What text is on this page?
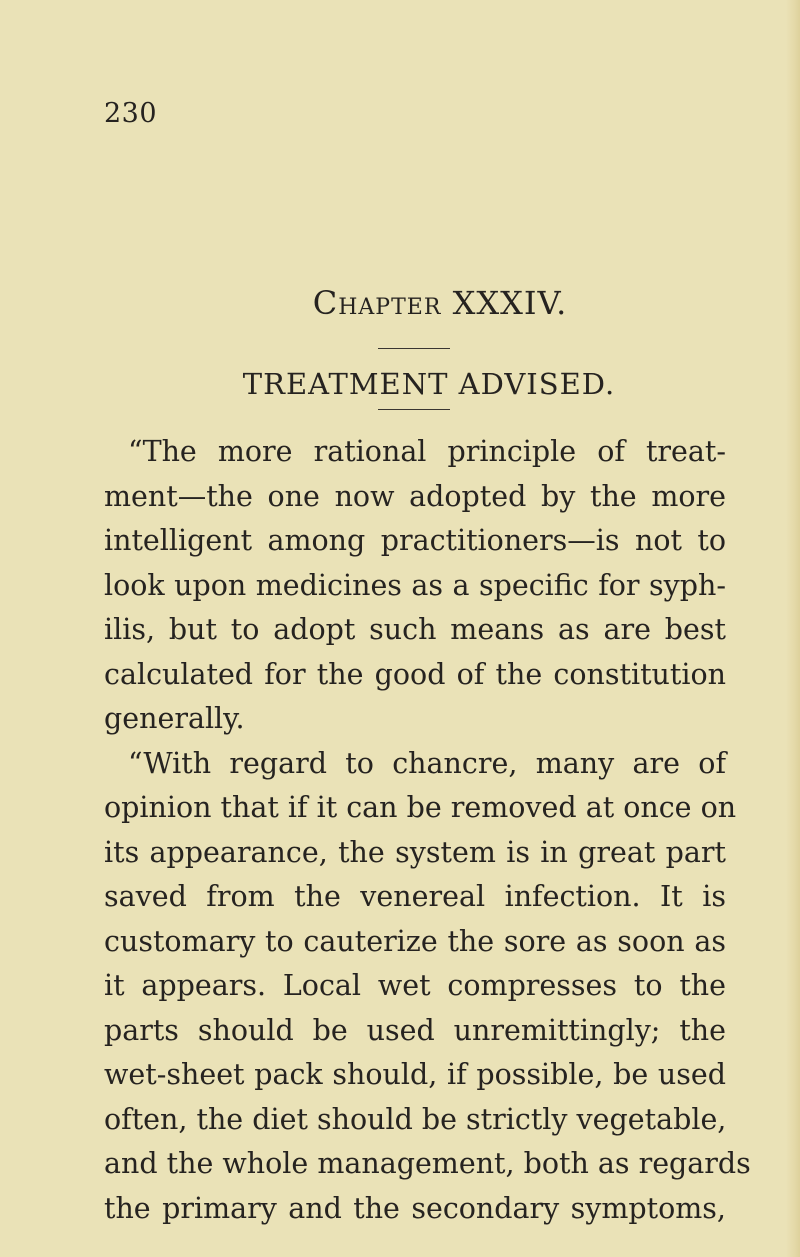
230
Chapter XXXIV.
TREATMENT ADVISED.
“The more rational principle of treat-
ment—the one now adopted by the more
intelligent among practitioners—is not to
look upon medicines as a specific for syph-
ilis, but to adopt such means as are best
calculated for the good of the constitution
generally.
“With regard to chancre, many are of
opinion that if it can be removed at once on
its appearance, the system is in great part
saved from the venereal infection. It is
customary to cauterize the sore as soon as
it appears. Local wet compresses to the
parts should be used unremittingly; the
wet-sheet pack should, if possible, be used
often, the diet should be strictly vegetable,
and the whole management, both as regards
the primary and the secondary symptoms,
